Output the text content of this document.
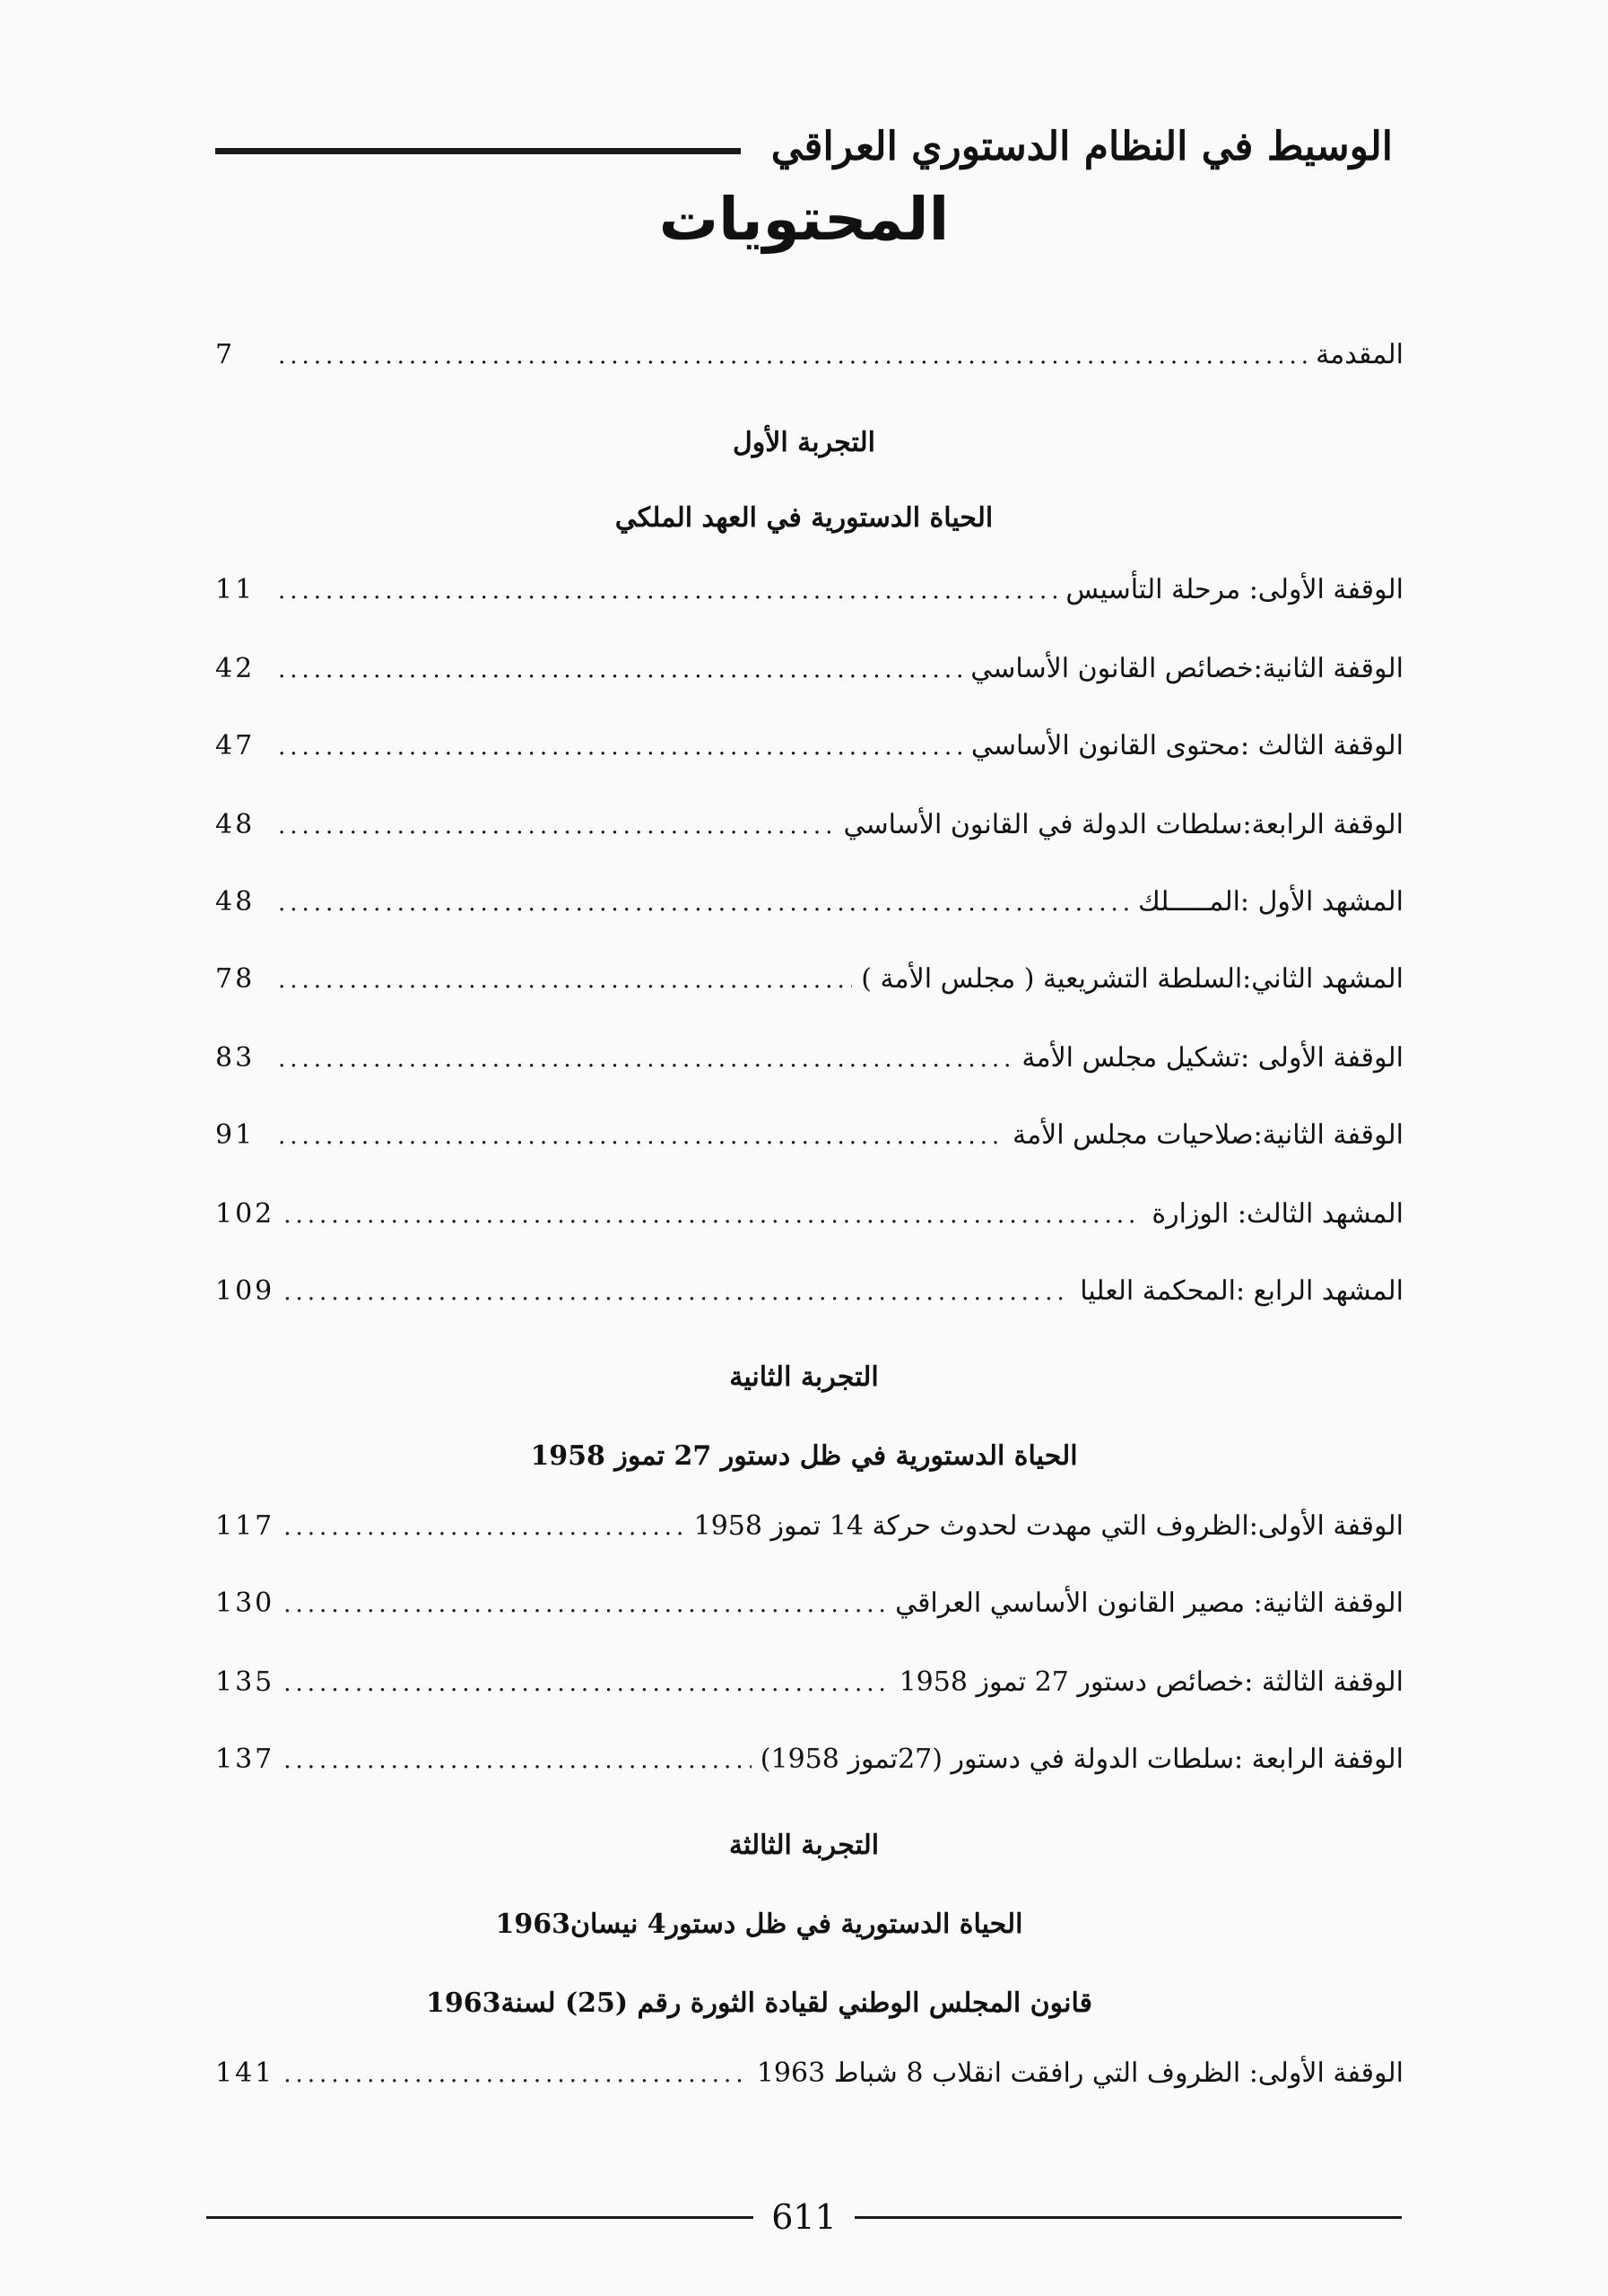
الوسيط في النظام الدستوري العراقي
المحتويات
المقدمة
.....
7
التجربة الأول
الحياة الدستورية في العهد الملكي
الوقفة الأولى: مرحلة التأسيس
.....
11
الوقفة الثانية:خصائص القانون الأساسي
.....
42
الوقفة الثالث :محتوى القانون الأساسي
.....
47
الوقفة الرابعة:سلطات الدولة في القانون الأساسي
.....
48
المشهد الأول :المـــــلك
.....
48
المشهد الثاني:السلطة التشريعية ( مجلس الأمة )
.....
78
الوقفة الأولى :تشكيل مجلس الأمة
.....
83
الوقفة الثانية:صلاحيات مجلس الأمة
.....
91
المشهد الثالث: الوزارة
.....
102
المشهد الرابع :المحكمة العليا
.....
109
التجربة الثانية
الحياة الدستورية في ظل دستور 27 تموز 1958
الوقفة الأولى:الظروف التي مهدت لحدوث حركة 14 تموز 1958
.....
117
الوقفة الثانية: مصير القانون الأساسي العراقي
.....
130
الوقفة الثالثة :خصائص دستور 27 تموز 1958
.....
135
الوقفة الرابعة :سلطات الدولة في دستور (27تموز 1958)
.....
137
التجربة الثالثة
الحياة الدستورية في ظل دستور4 نيسان1963
قانون المجلس الوطني لقيادة الثورة رقم (25) لسنة1963
الوقفة الأولى: الظروف التي رافقت انقلاب 8 شباط 1963
.....
141
611
